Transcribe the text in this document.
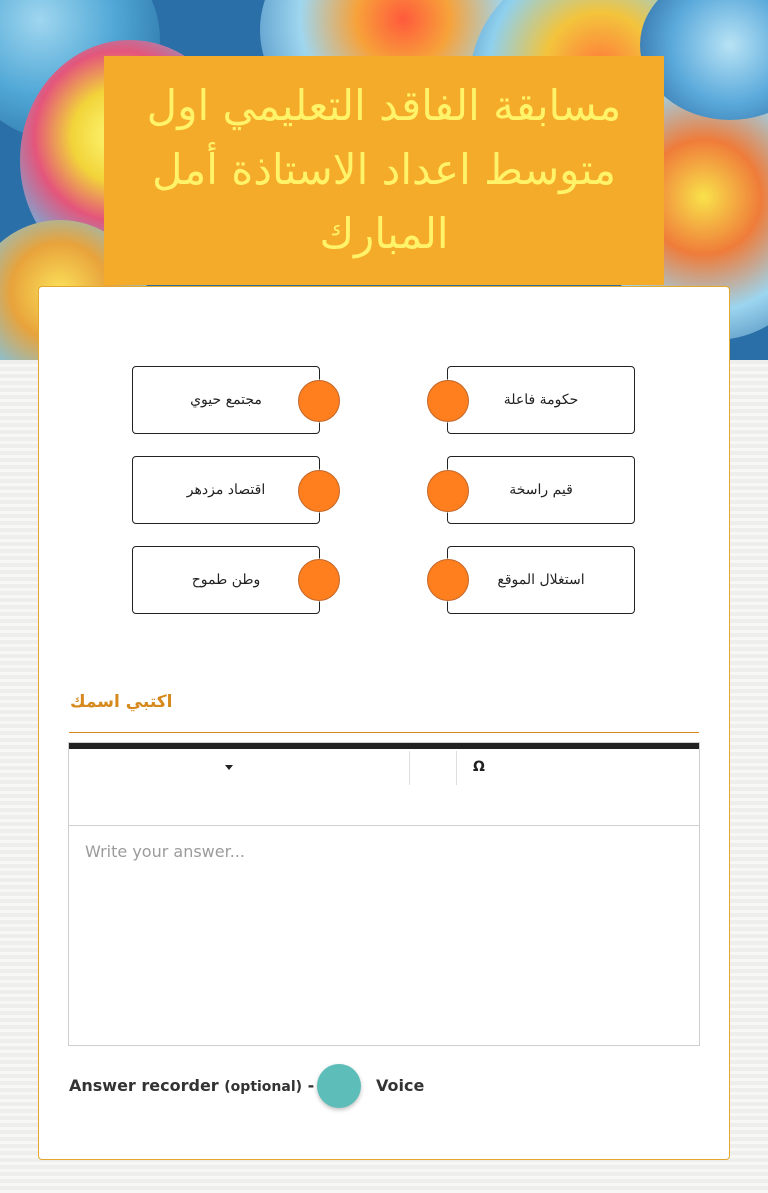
مسابقة الفاقد التعليمي اول متوسط اعداد الاستاذة أمل المبارك
مجتمع حيوي	حكومة فاعلة
اقتصاد مزدهر	قيم راسخة
وطن طموح	استغلال الموقع
اكتبي اسمك
Ω
Write your answer...
Answer recorder (optional) -	Voice
